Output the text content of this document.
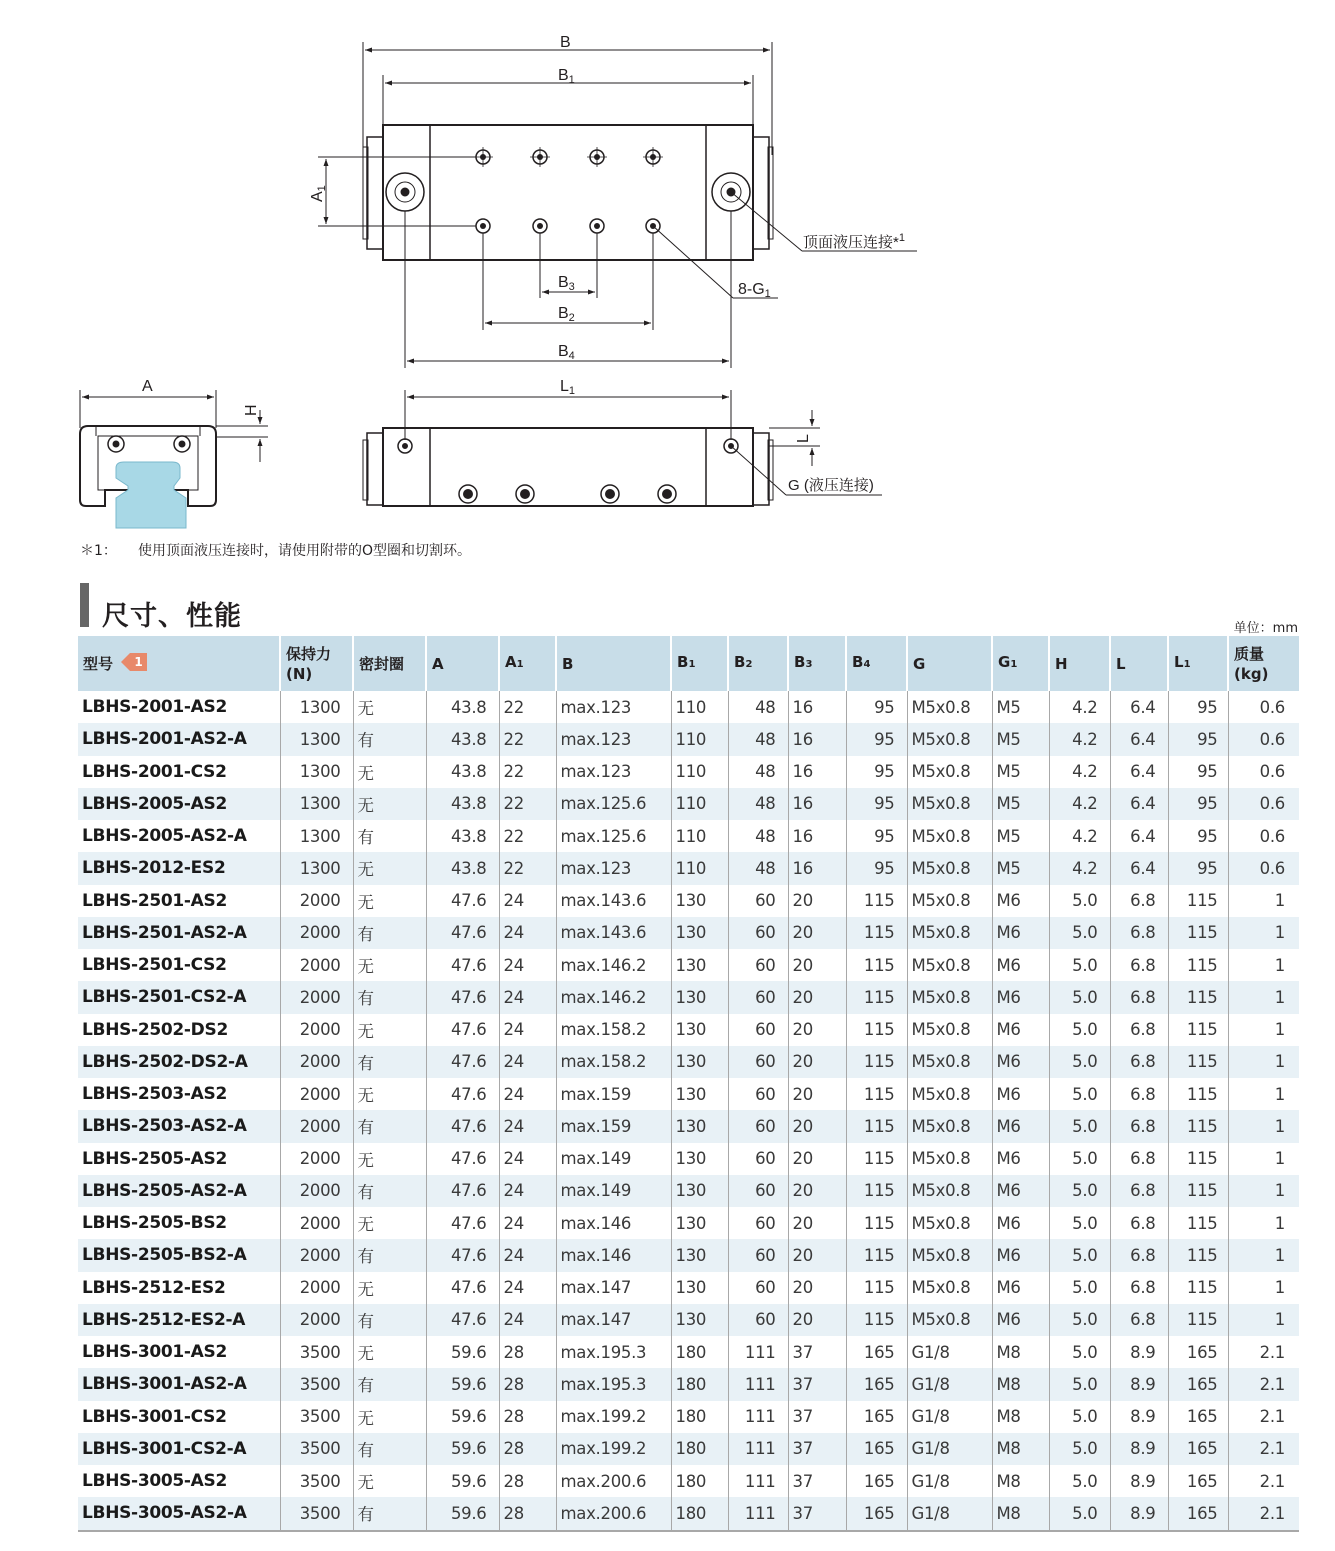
B
B1
A1
B3
B2
B4
8-G1
顶面液压连接*$^1$
A
H
L1
L
G (液压连接)
＊1： 使用顶面液压连接时，请使用附带的O型圈和切割环。
尺寸、性能	单位：mm
型号 1	保持力
(N)	密封圈	A	A1	B	B1	B2	B3	B4	G	G1	H	L	L1	质量
(kg)
LBHS-2001-AS2	1300	无	43.8	22	max.123	110	48	16	95	M5x0.8	M5	4.2	6.4	95	0.6
LBHS-2001-AS2-A	1300	有	43.8	22	max.123	110	48	16	95	M5x0.8	M5	4.2	6.4	95	0.6
LBHS-2001-CS2	1300	无	43.8	22	max.123	110	48	16	95	M5x0.8	M5	4.2	6.4	95	0.6
LBHS-2005-AS2	1300	无	43.8	22	max.125.6	110	48	16	95	M5x0.8	M5	4.2	6.4	95	0.6
LBHS-2005-AS2-A	1300	有	43.8	22	max.125.6	110	48	16	95	M5x0.8	M5	4.2	6.4	95	0.6
LBHS-2012-ES2	1300	无	43.8	22	max.123	110	48	16	95	M5x0.8	M5	4.2	6.4	95	0.6
LBHS-2501-AS2	2000	无	47.6	24	max.143.6	130	60	20	115	M5x0.8	M6	5.0	6.8	115	1
LBHS-2501-AS2-A	2000	有	47.6	24	max.143.6	130	60	20	115	M5x0.8	M6	5.0	6.8	115	1
LBHS-2501-CS2	2000	无	47.6	24	max.146.2	130	60	20	115	M5x0.8	M6	5.0	6.8	115	1
LBHS-2501-CS2-A	2000	有	47.6	24	max.146.2	130	60	20	115	M5x0.8	M6	5.0	6.8	115	1
LBHS-2502-DS2	2000	无	47.6	24	max.158.2	130	60	20	115	M5x0.8	M6	5.0	6.8	115	1
LBHS-2502-DS2-A	2000	有	47.6	24	max.158.2	130	60	20	115	M5x0.8	M6	5.0	6.8	115	1
LBHS-2503-AS2	2000	无	47.6	24	max.159	130	60	20	115	M5x0.8	M6	5.0	6.8	115	1
LBHS-2503-AS2-A	2000	有	47.6	24	max.159	130	60	20	115	M5x0.8	M6	5.0	6.8	115	1
LBHS-2505-AS2	2000	无	47.6	24	max.149	130	60	20	115	M5x0.8	M6	5.0	6.8	115	1
LBHS-2505-AS2-A	2000	有	47.6	24	max.149	130	60	20	115	M5x0.8	M6	5.0	6.8	115	1
LBHS-2505-BS2	2000	无	47.6	24	max.146	130	60	20	115	M5x0.8	M6	5.0	6.8	115	1
LBHS-2505-BS2-A	2000	有	47.6	24	max.146	130	60	20	115	M5x0.8	M6	5.0	6.8	115	1
LBHS-2512-ES2	2000	无	47.6	24	max.147	130	60	20	115	M5x0.8	M6	5.0	6.8	115	1
LBHS-2512-ES2-A	2000	有	47.6	24	max.147	130	60	20	115	M5x0.8	M6	5.0	6.8	115	1
LBHS-3001-AS2	3500	无	59.6	28	max.195.3	180	111	37	165	G1/8	M8	5.0	8.9	165	2.1
LBHS-3001-AS2-A	3500	有	59.6	28	max.195.3	180	111	37	165	G1/8	M8	5.0	8.9	165	2.1
LBHS-3001-CS2	3500	无	59.6	28	max.199.2	180	111	37	165	G1/8	M8	5.0	8.9	165	2.1
LBHS-3001-CS2-A	3500	有	59.6	28	max.199.2	180	111	37	165	G1/8	M8	5.0	8.9	165	2.1
LBHS-3005-AS2	3500	无	59.6	28	max.200.6	180	111	37	165	G1/8	M8	5.0	8.9	165	2.1
LBHS-3005-AS2-A	3500	有	59.6	28	max.200.6	180	111	37	165	G1/8	M8	5.0	8.9	165	2.1
